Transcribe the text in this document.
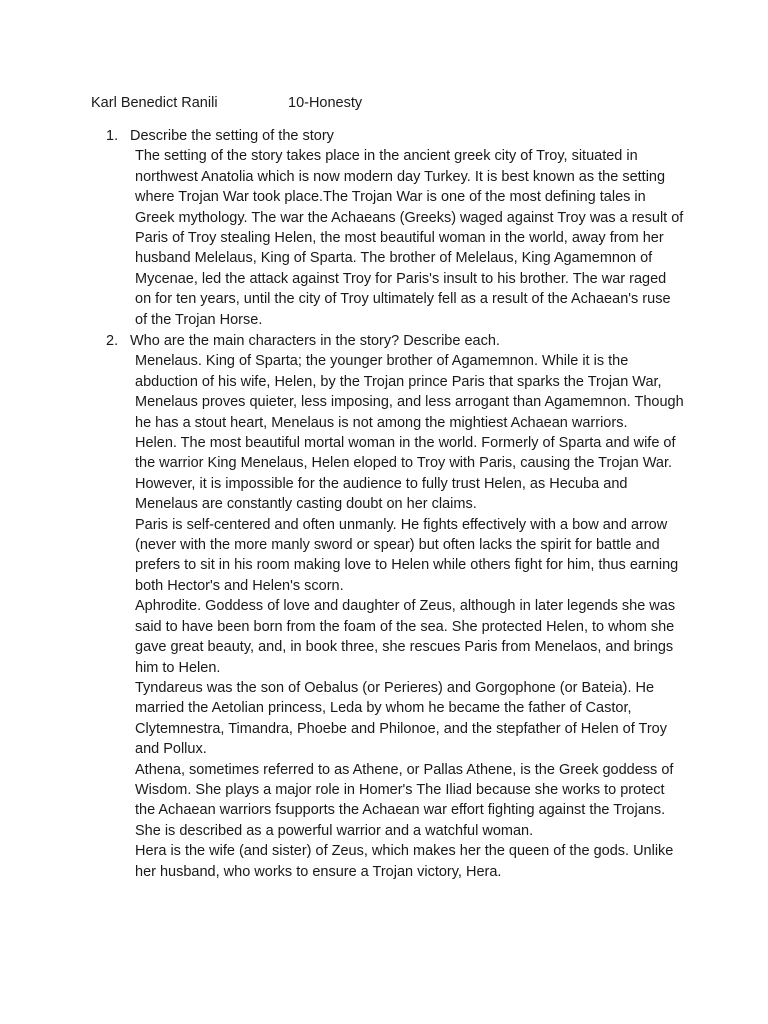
Karl Benedict Ranili	10-Honesty
1. Describe the setting of the story

The setting of the story takes place in the ancient greek city of Troy, situated in northwest Anatolia which is now modern day Turkey. It is best known as the setting where Trojan War took place.The Trojan War is one of the most defining tales in Greek mythology. The war the Achaeans (Greeks) waged against Troy was a result of Paris of Troy stealing Helen, the most beautiful woman in the world, away from her husband Melelaus, King of Sparta. The brother of Melelaus, King Agamemnon of Mycenae, led the attack against Troy for Paris's insult to his brother. The war raged on for ten years, until the city of Troy ultimately fell as a result of the Achaean's ruse of the Trojan Horse.

2. Who are the main characters in the story? Describe each.

Menelaus. King of Sparta; the younger brother of Agamemnon. While it is the abduction of his wife, Helen, by the Trojan prince Paris that sparks the Trojan War, Menelaus proves quieter, less imposing, and less arrogant than Agamemnon. Though he has a stout heart, Menelaus is not among the mightiest Achaean warriors.

Helen. The most beautiful mortal woman in the world. Formerly of Sparta and wife of the warrior King Menelaus, Helen eloped to Troy with Paris, causing the Trojan War. However, it is impossible for the audience to fully trust Helen, as Hecuba and Menelaus are constantly casting doubt on her claims.

Paris is self-centered and often unmanly. He fights effectively with a bow and arrow (never with the more manly sword or spear) but often lacks the spirit for battle and prefers to sit in his room making love to Helen while others fight for him, thus earning both Hector's and Helen's scorn.

Aphrodite. Goddess of love and daughter of Zeus, although in later legends she was said to have been born from the foam of the sea. She protected Helen, to whom she gave great beauty, and, in book three, she rescues Paris from Menelaos, and brings him to Helen.

Tyndareus was the son of Oebalus (or Perieres) and Gorgophone (or Bateia). He married the Aetolian princess, Leda by whom he became the father of Castor, Clytemnestra, Timandra, Phoebe and Philonoe, and the stepfather of Helen of Troy and Pollux.

Athena, sometimes referred to as Athene, or Pallas Athene, is the Greek goddess of Wisdom. She plays a major role in Homer's The Iliad because she works to protect the Achaean warriors fsupports the Achaean war effort fighting against the Trojans. She is described as a powerful warrior and a watchful woman.

Hera is the wife (and sister) of Zeus, which makes her the queen of the gods. Unlike her husband, who works to ensure a Trojan victory, Hera.
